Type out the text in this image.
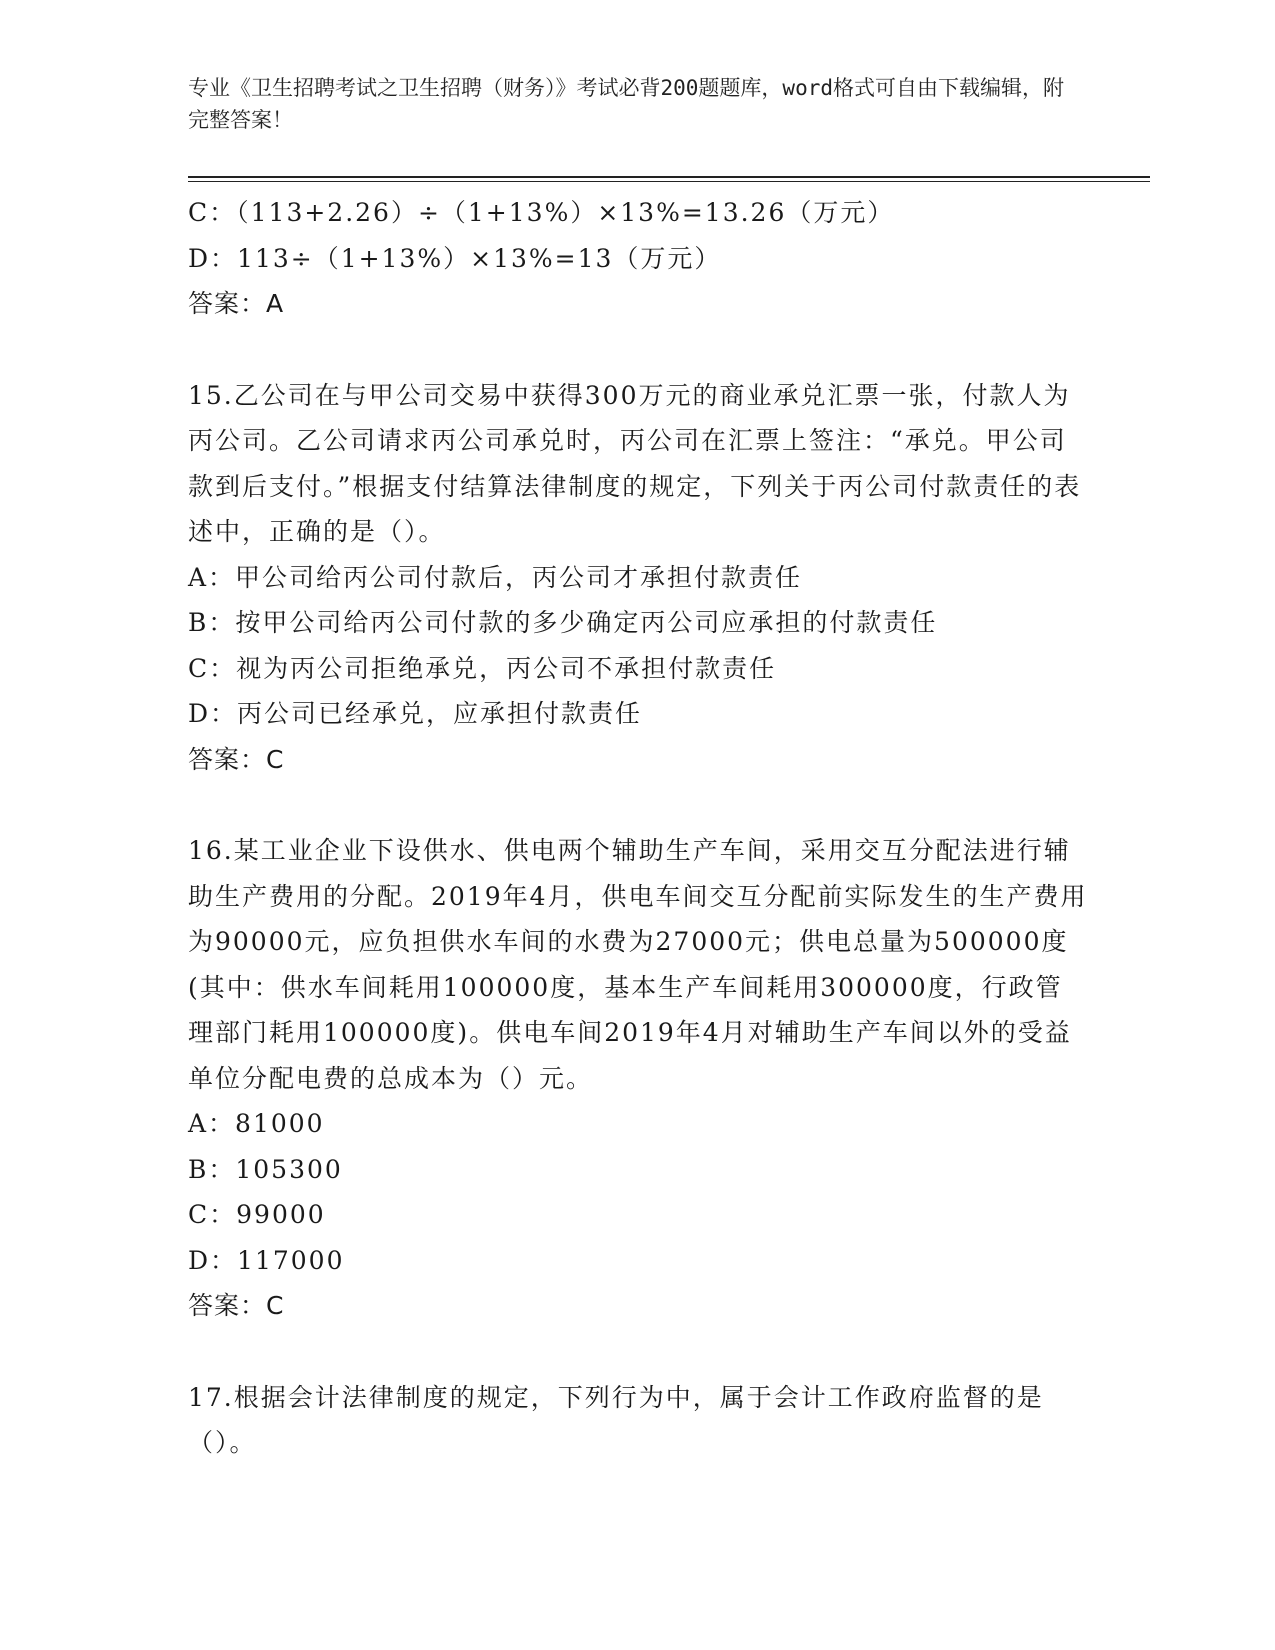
专业《卫生招聘考试之卫生招聘（财务）》考试必背200题题库，word格式可自由下载编辑，附完整答案！
C：（113+2.26）÷（1+13%）×13%=13.26（万元）
D：113÷（1+13%）×13%=13（万元）
答案：A
15.乙公司在与甲公司交易中获得300万元的商业承兑汇票一张，付款人为丙公司。乙公司请求丙公司承兑时，丙公司在汇票上签注：“承兑。甲公司款到后支付。”根据支付结算法律制度的规定，下列关于丙公司付款责任的表述中，正确的是（）。
A：甲公司给丙公司付款后，丙公司才承担付款责任
B：按甲公司给丙公司付款的多少确定丙公司应承担的付款责任
C：视为丙公司拒绝承兑，丙公司不承担付款责任
D：丙公司已经承兑，应承担付款责任
答案：C
16.某工业企业下设供水、供电两个辅助生产车间，采用交互分配法进行辅助生产费用的分配。2019年4月，供电车间交互分配前实际发生的生产费用为90000元，应负担供水车间的水费为27000元；供电总量为500000度(其中：供水车间耗用100000度，基本生产车间耗用300000度，行政管理部门耗用100000度)。供电车间2019年4月对辅助生产车间以外的受益单位分配电费的总成本为（）元。
A：81000
B：105300
C：99000
D：117000
答案：C
17.根据会计法律制度的规定，下列行为中，属于会计工作政府监督的是（）。
